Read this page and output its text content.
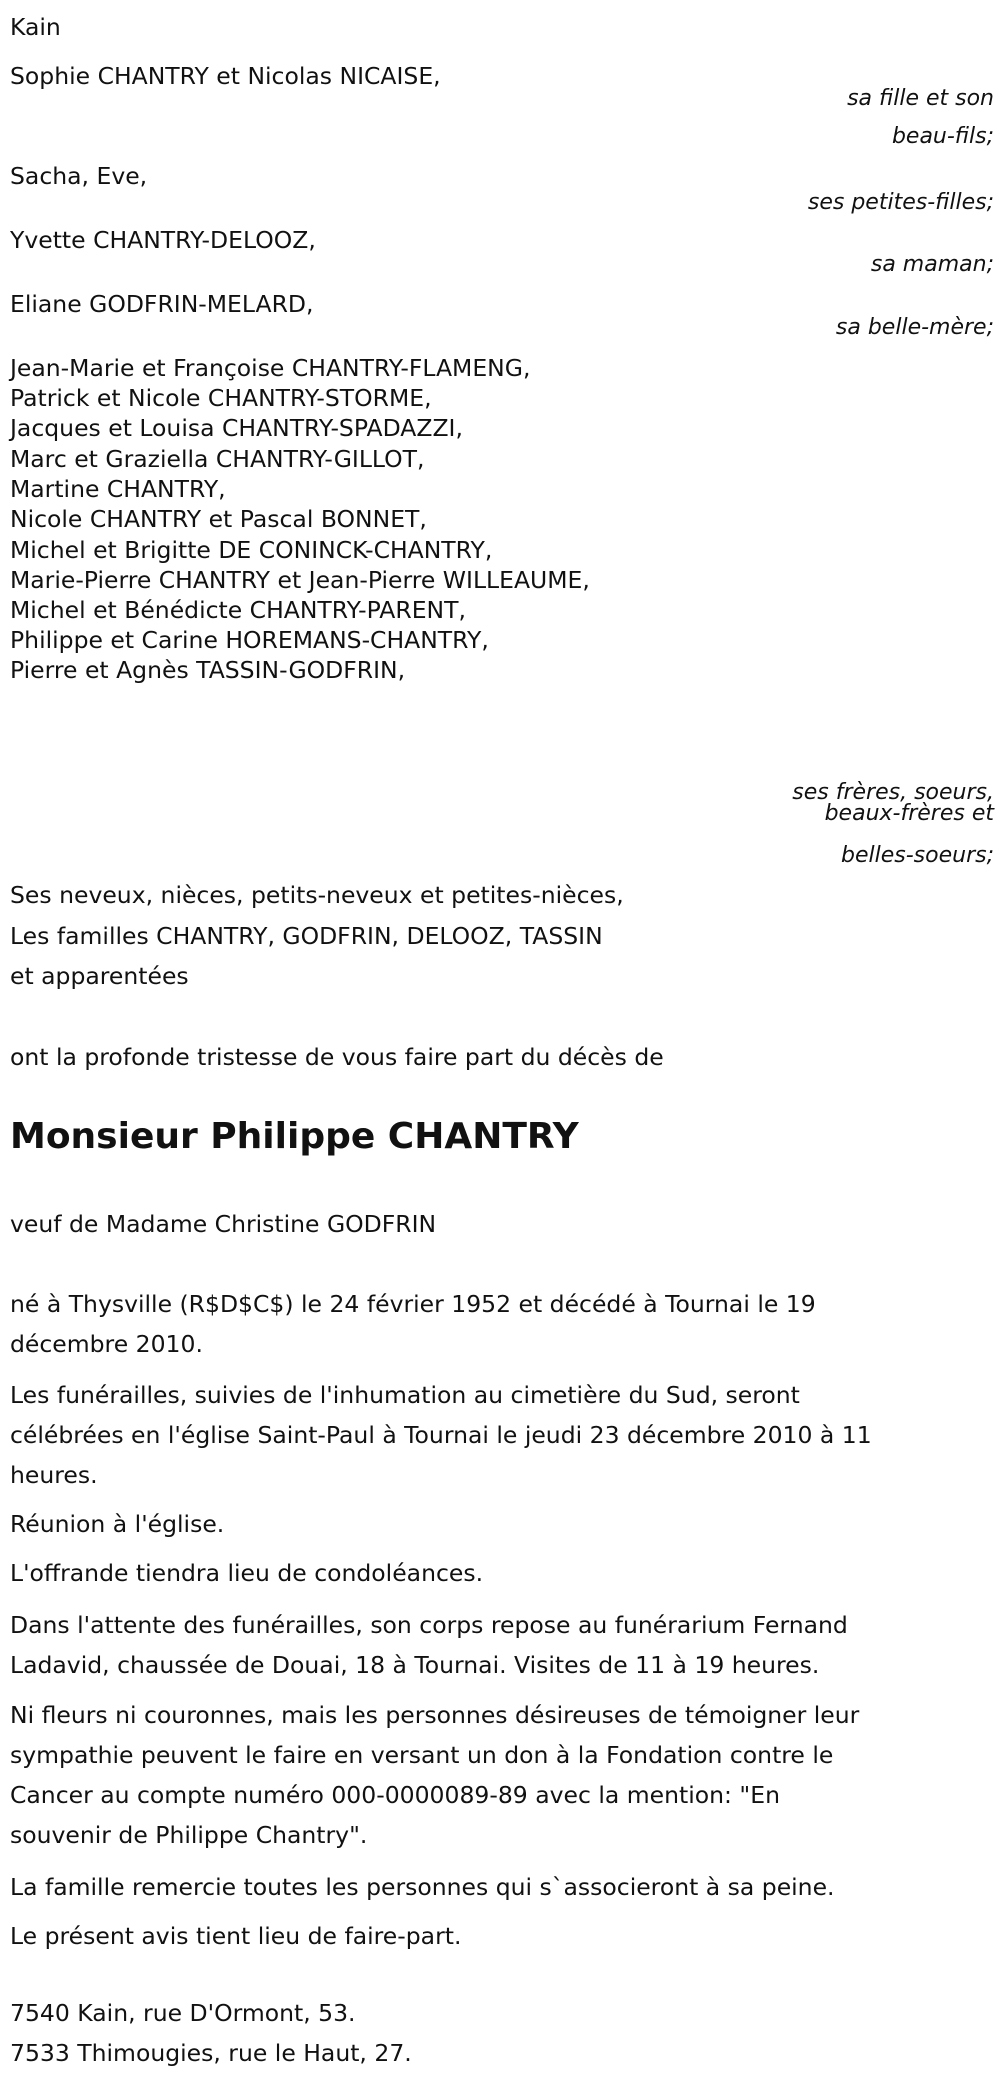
Kain
Sophie CHANTRY et Nicolas NICAISE,
sa fille et son
beau-fils;
Sacha, Eve,
ses petites-filles;
Yvette CHANTRY-DELOOZ,
sa maman;
Eliane GODFRIN-MELARD,
sa belle-mère;
Jean-Marie et Françoise CHANTRY-FLAMENG,
Patrick et Nicole CHANTRY-STORME,
Jacques et Louisa CHANTRY-SPADAZZI,
Marc et Graziella CHANTRY-GILLOT,
Martine CHANTRY,
Nicole CHANTRY et Pascal BONNET,
Michel et Brigitte DE CONINCK-CHANTRY,
Marie-Pierre CHANTRY et Jean-Pierre WILLEAUME,
Michel et Bénédicte CHANTRY-PARENT,
Philippe et Carine HOREMANS-CHANTRY,
Pierre et Agnès TASSIN-GODFRIN,
ses frères, soeurs,
beaux-frères et
belles-soeurs;
Ses neveux, nièces, petits-neveux et petites-nièces,
Les familles CHANTRY, GODFRIN, DELOOZ, TASSIN
et apparentées
ont la profonde tristesse de vous faire part du décès de
Monsieur Philippe CHANTRY
veuf de Madame Christine GODFRIN
né à Thysville (R$D$C$) le 24 février 1952 et décédé à Tournai le 19
décembre 2010.
Les funérailles, suivies de l'inhumation au cimetière du Sud, seront
célébrées en l'église Saint-Paul à Tournai le jeudi 23 décembre 2010 à 11
heures.
Réunion à l'église.
L'offrande tiendra lieu de condoléances.
Dans l'attente des funérailles, son corps repose au funérarium Fernand
Ladavid, chaussée de Douai, 18 à Tournai. Visites de 11 à 19 heures.
Ni fleurs ni couronnes, mais les personnes désireuses de témoigner leur
sympathie peuvent le faire en versant un don à la Fondation contre le
Cancer au compte numéro 000-0000089-89 avec la mention: "En
souvenir de Philippe Chantry".
La famille remercie toutes les personnes qui s`associeront à sa peine.
Le présent avis tient lieu de faire-part.
7540 Kain, rue D'Ormont, 53.
7533 Thimougies, rue le Haut, 27.
